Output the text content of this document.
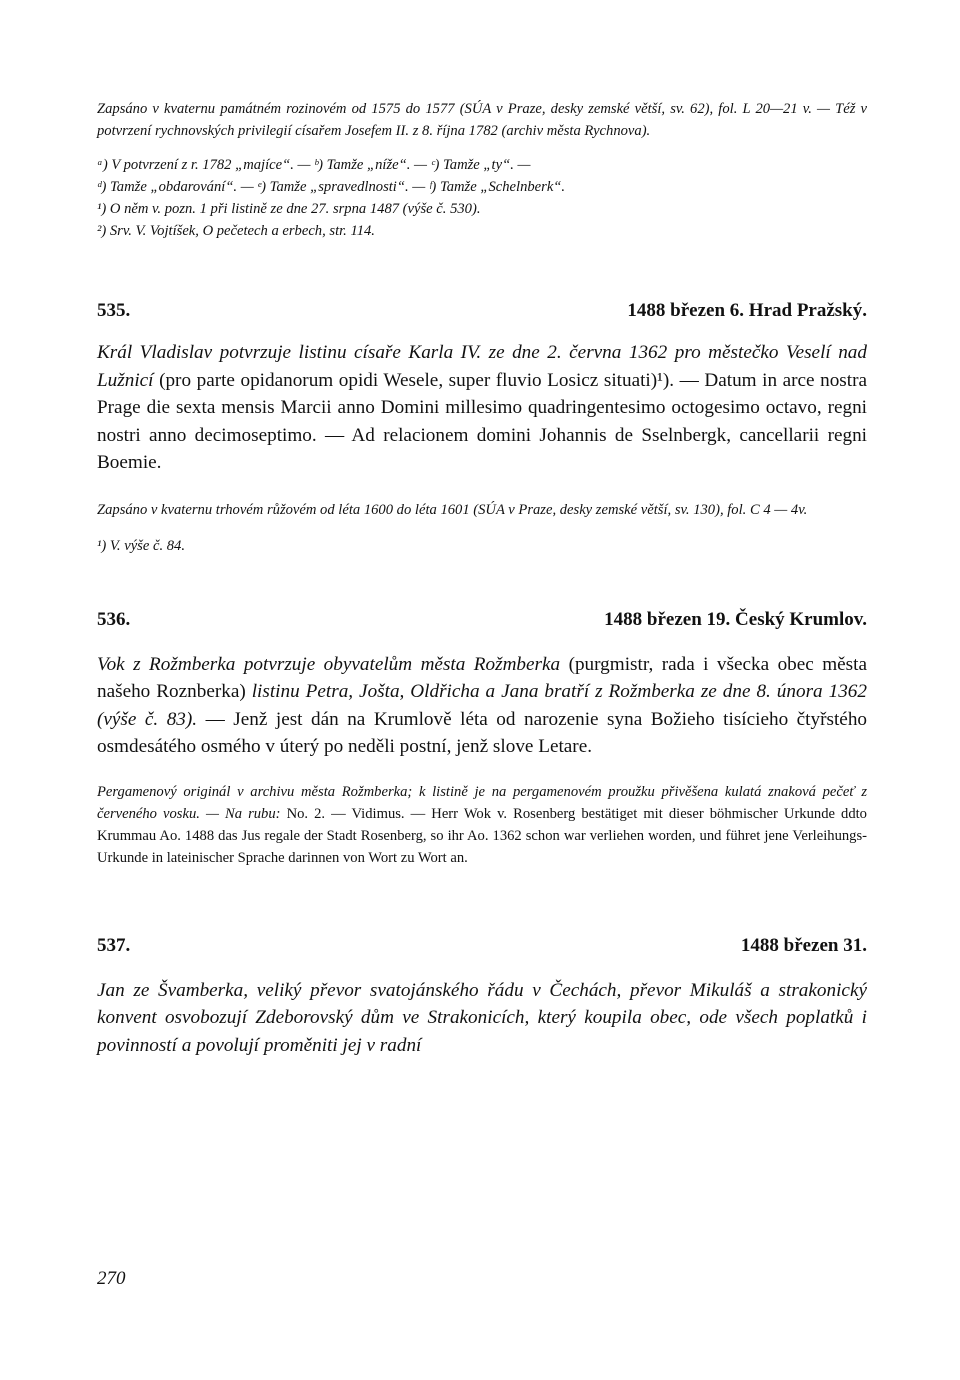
Zapsáno v kvaternu památném rozinovém od 1575 do 1577 (SÚA v Praze, desky zemské větší, sv. 62), fol. L 20—21 v. — Též v potvrzení rychnovských privilegií císařem Josefem II. z 8. října 1782 (archiv města Rychnova).

ᵃ) V potvrzení z r. 1782 „majíce“. — ᵇ) Tamže „níže“. — ᶜ) Tamže „ty“. —

ᵈ) Tamže „obdarování“. — ᵉ) Tamže „spravedlnosti“. — ᶠ) Tamže „Schelnberk“.

¹) O něm v. pozn. 1 při listině ze dne 27. srpna 1487 (výše č. 530).

²) Srv. V. Vojtíšek, O pečetech a erbech, str. 114.

535.	1488 březen 6. Hrad Pražský.

Král Vladislav potvrzuje listinu císaře Karla IV. ze dne 2. června 1362 pro městečko Veselí nad Lužnicí (pro parte opidanorum opidi Wesele, super fluvio Losicz situati)¹). — Datum in arce nostra Prage die sexta mensis Marcii anno Domini millesimo quadringentesimo octogesimo octavo, regni nostri anno decimoseptimo. — Ad relacionem domini Johannis de Sselnbergk, cancellarii regni Boemie.

Zapsáno v kvaternu trhovém růžovém od léta 1600 do léta 1601 (SÚA v Praze, desky zemské větší, sv. 130), fol. C 4 — 4v.

¹) V. výše č. 84.

536.	1488 březen 19. Český Krumlov.

Vok z Rožmberka potvrzuje obyvatelům města Rožmberka (purgmistr, rada i všecka obec města našeho Roznberka) listinu Petra, Jošta, Oldřicha a Jana bratří z Rožmberka ze dne 8. února 1362 (výše č. 83). — Jenž jest dán na Krumlově léta od narozenie syna Božieho tisícieho čtyřstého osmdesátého osmého v úterý po neděli postní, jenž slove Letare.

Pergamenový originál v archivu města Rožmberka; k listině je na pergamenovém proužku přivěšena kulatá znaková pečeť z červeného vosku. — Na rubu: No. 2. — Vidimus. — Herr Wok v. Rosenberg bestätiget mit dieser böhmischer Urkunde ddto Krummau Ao. 1488 das Jus regale der Stadt Rosenberg, so ihr Ao. 1362 schon war verliehen worden, und führet jene Verleihungs-Urkunde in lateinischer Sprache darinnen von Wort zu Wort an.

537.	1488 březen 31.

Jan ze Švamberka, veliký převor svatojánského řádu v Čechách, převor Mikuláš a strakonický konvent osvobozují Zdeborovský dům ve Strakonicích, který koupila obec, ode všech poplatků i povinností a povolují proměniti jej v radní

270
